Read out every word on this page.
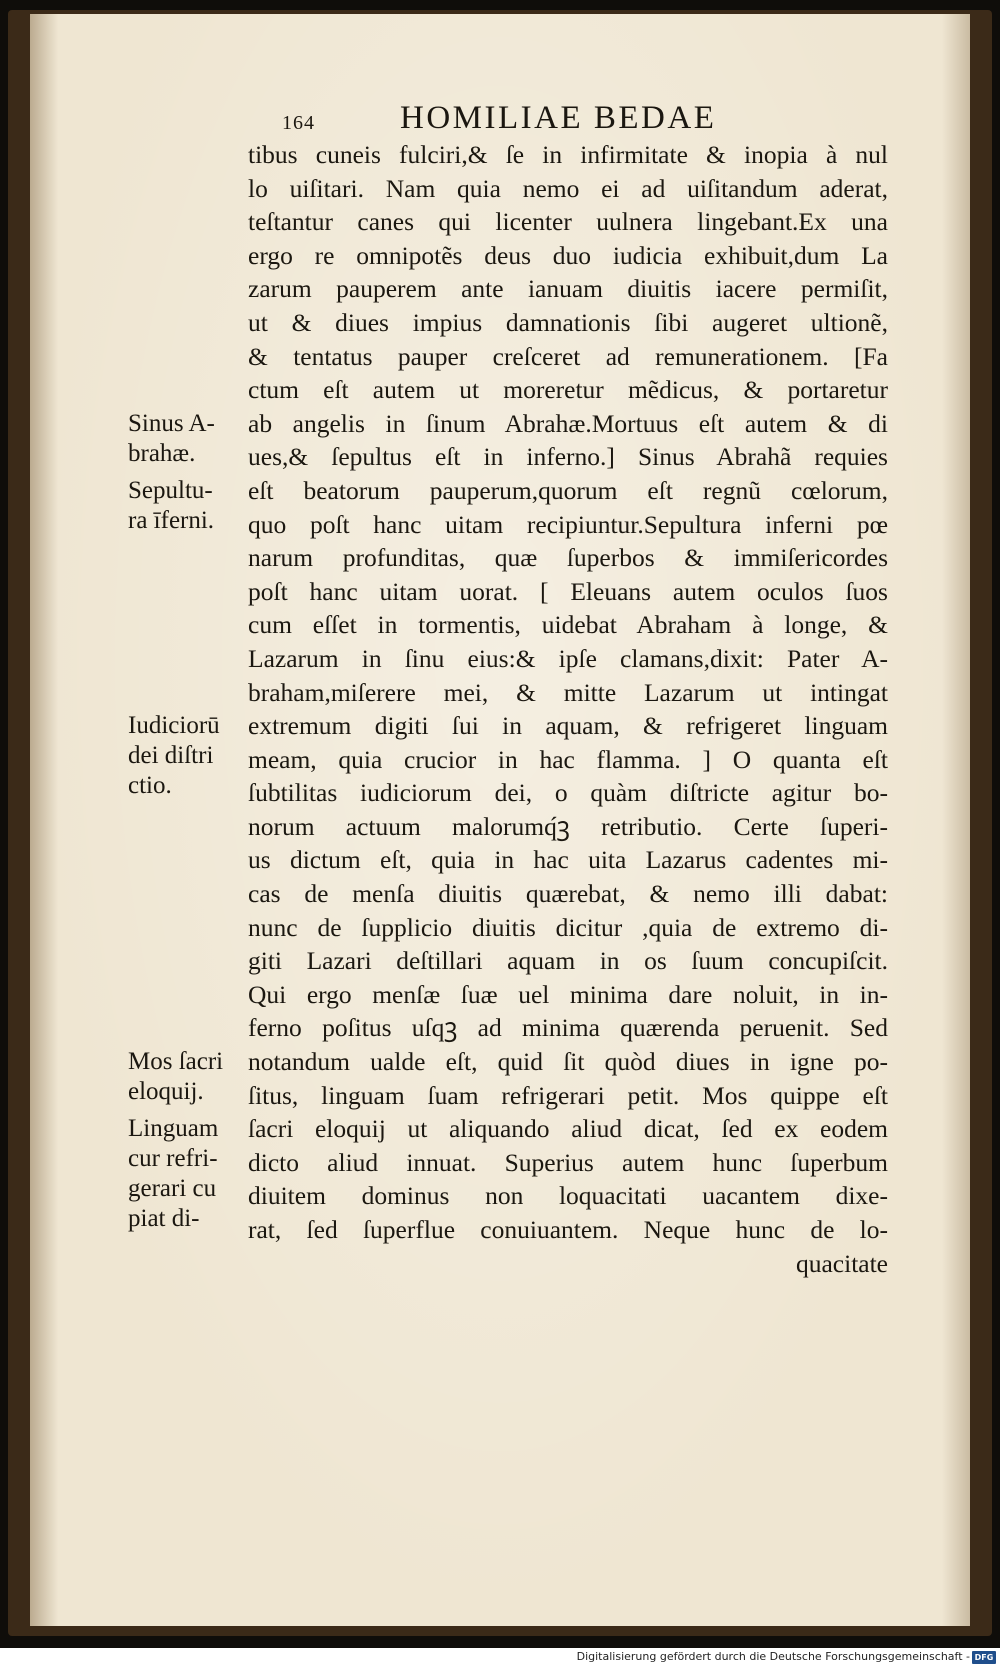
164	HOMILIAE BEDAE
Sinus A-
brahæ.
Sepultu-
ra īferni.
Iudiciorū
dei diſtri
ctio.
Mos ſacri
eloquij.
Linguam
cur refri-
gerari cu
piat di-
tibus cuneis fulciri,& ſe in infirmitate & inopia à nul
lo uiſitari. Nam quia nemo ei ad uiſitandum aderat,
teſtantur canes qui licenter uulnera lingebant.Ex una
ergo re omnipotẽs deus duo iudicia exhibuit,dum La
zarum pauperem ante ianuam diuitis iacere permiſit,
ut & diues impius damnationis ſibi augeret ultionẽ,
& tentatus pauper creſceret ad remunerationem. [Fa
ctum eſt autem ut moreretur mẽdicus, & portaretur
ab angelis in ſinum Abrahæ.Mortuus eſt autem & di
ues,& ſepultus eſt in inferno.] Sinus Abrahã requies
eſt beatorum pauperum,quorum eſt regnũ cœlorum,
quo poſt hanc uitam recipiuntur.Sepultura inferni pœ
narum profunditas, quæ ſuperbos & immiſericordes
poſt hanc uitam uorat. [ Eleuans autem oculos ſuos
cum eſſet in tormentis, uidebat Abraham à longe, &
Lazarum in ſinu eius:& ipſe clamans,dixit: Pater A-
braham,miſerere mei, & mitte Lazarum ut intingat
extremum digiti ſui in aquam, & refrigeret linguam
meam, quia crucior in hac flamma. ] O quanta eſt
ſubtilitas iudiciorum dei, o quàm diſtricte agitur bo-
norum actuum malorumq́ꝫ retributio. Certe ſuperi-
us dictum eſt, quia in hac uita Lazarus cadentes mi-
cas de menſa diuitis quærebat, & nemo illi dabat:
nunc de ſupplicio diuitis dicitur ,quia de extremo di-
giti Lazari deſtillari aquam in os ſuum concupiſcit.
Qui ergo menſæ ſuæ uel minima dare noluit, in in-
ferno poſitus uſqꝫ ad minima quærenda peruenit. Sed
notandum ualde eſt, quid ſit quòd diues in igne po-
ſitus, linguam ſuam refrigerari petit. Mos quippe eſt
ſacri eloquij ut aliquando aliud dicat, ſed ex eodem
dicto aliud innuat. Superius autem hunc ſuperbum
diuitem dominus non loquacitati uacantem dixe-
rat, ſed ſuperflue conuiuantem. Neque hunc de lo-
quacitate
Digitalisierung gefördert durch die Deutsche Forschungsgemeinschaft - DFG
